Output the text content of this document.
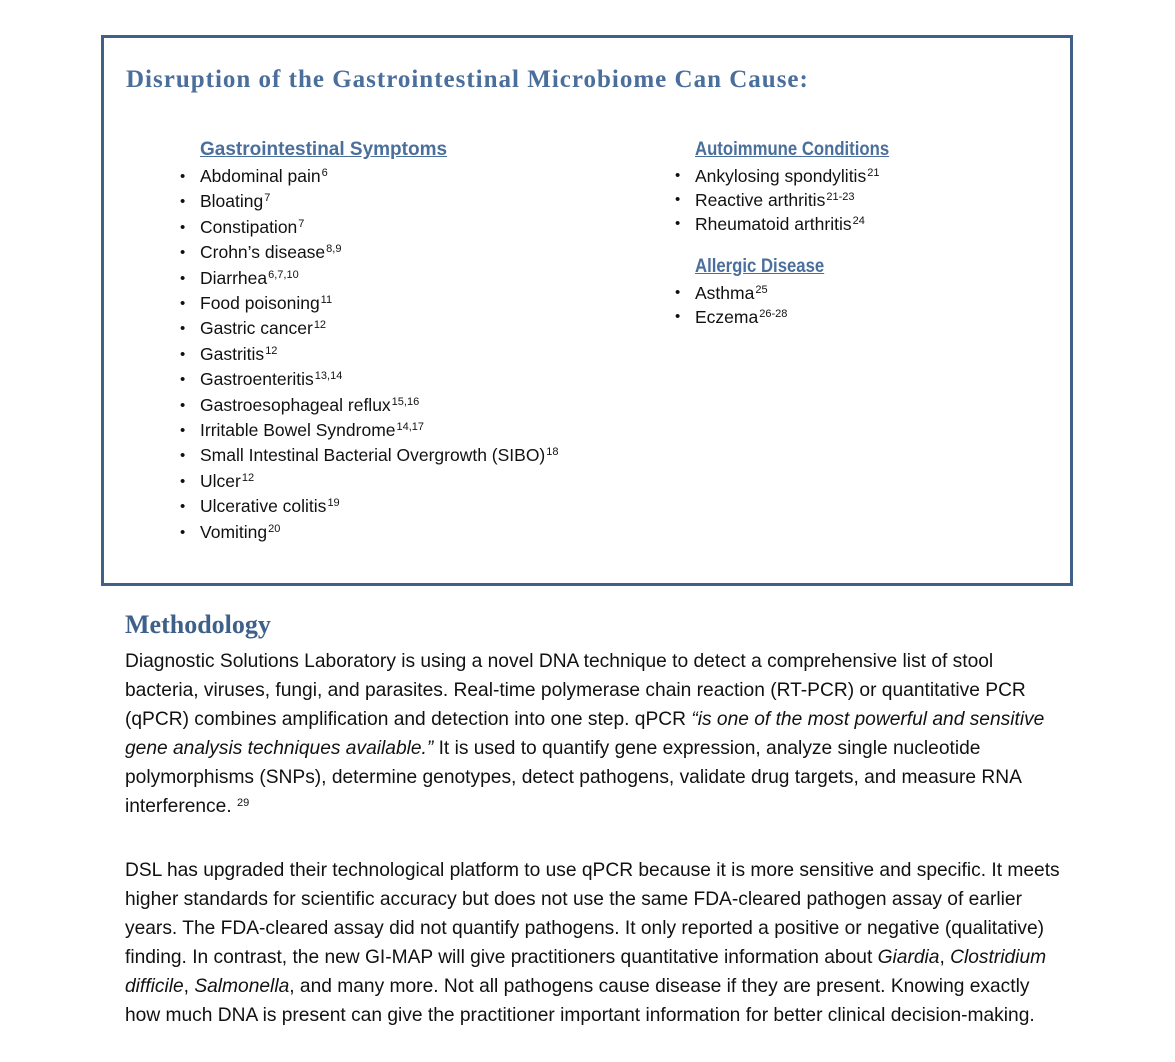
Disruption of the Gastrointestinal Microbiome Can Cause:
Gastrointestinal Symptoms
• Abdominal pain$^6$
• Bloating$^7$
• Constipation$^7$
• Crohn’s disease$^{8,9}$
• Diarrhea$^{6,7,10}$
• Food poisoning$^{11}$
• Gastric cancer$^{12}$
• Gastritis$^{12}$
• Gastroenteritis$^{13,14}$
• Gastroesophageal reflux$^{15,16}$
• Irritable Bowel Syndrome$^{14,17}$
• Small Intestinal Bacterial Overgrowth (SIBO)$^{18}$
• Ulcer$^{12}$
• Ulcerative colitis$^{19}$
• Vomiting$^{20}$
Autoimmune Conditions
• Ankylosing spondylitis$^{21}$
• Reactive arthritis$^{21-23}$
• Rheumatoid arthritis$^{24}$
Allergic Disease
• Asthma$^{25}$
• Eczema$^{26-28}$
Methodology

Diagnostic Solutions Laboratory is using a novel DNA technique to detect a comprehensive list of stool bacteria, viruses, fungi, and parasites. Real-time polymerase chain reaction (RT-PCR) or quantitative PCR (qPCR) combines amplification and detection into one step. qPCR “is one of the most powerful and sensitive gene analysis techniques available.” It is used to quantify gene expression, analyze single nucleotide polymorphisms (SNPs), determine genotypes, detect pathogens, validate drug targets, and measure RNA interference. $^{29}$

DSL has upgraded their technological platform to use qPCR because it is more sensitive and specific. It meets higher standards for scientific accuracy but does not use the same FDA-cleared pathogen assay of earlier years. The FDA-cleared assay did not quantify pathogens. It only reported a positive or negative (qualitative) finding. In contrast, the new GI-MAP will give practitioners quantitative information about Giardia, Clostridium difficile, Salmonella, and many more. Not all pathogens cause disease if they are present. Knowing exactly how much DNA is present can give the practitioner important information for better clinical decision-making.
